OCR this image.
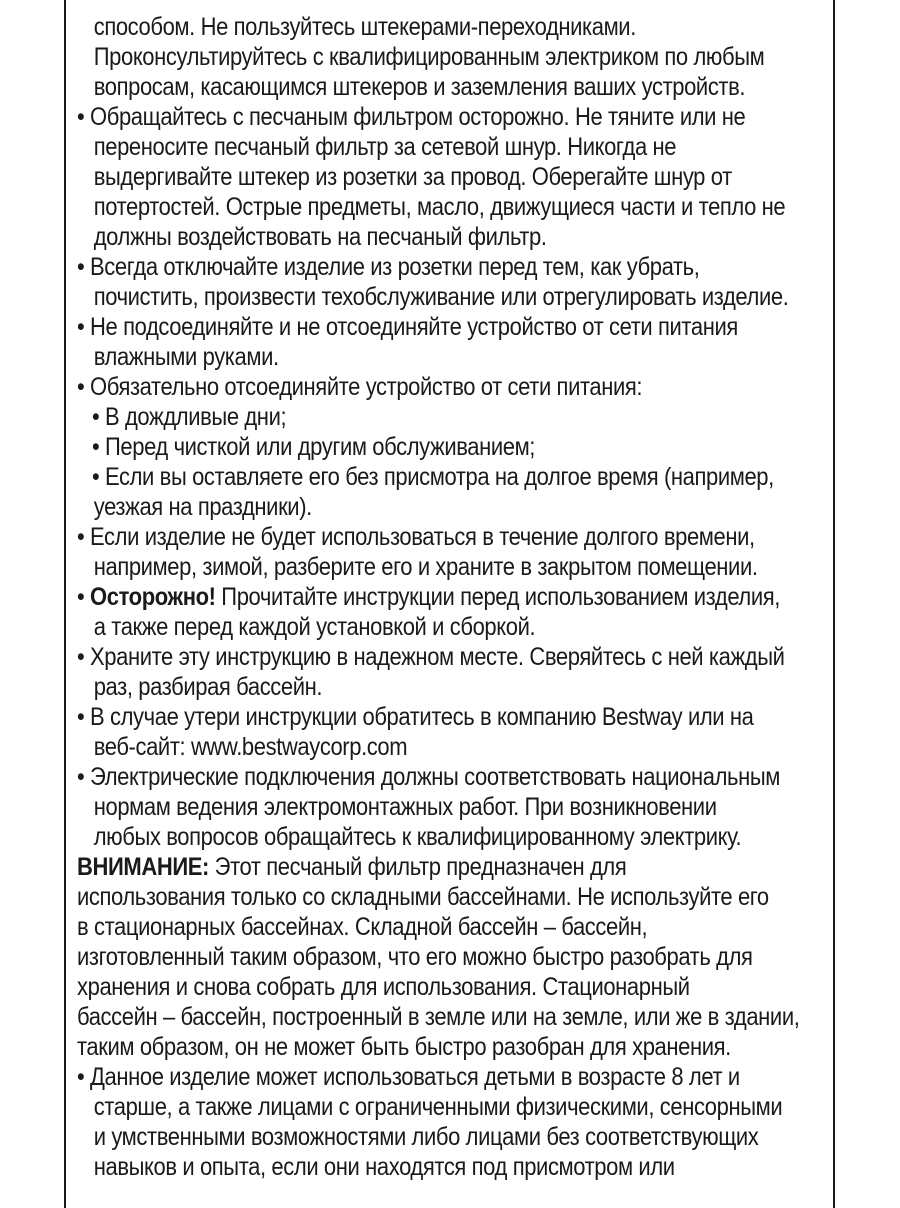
способом. Не пользуйтесь штекерами-переходниками.
Проконсультируйтесь с квалифицированным электриком по любым
вопросам, касающимся штекеров и заземления ваших устройств.
• Обращайтесь с песчаным фильтром осторожно. Не тяните или не
переносите песчаный фильтр за сетевой шнур. Никогда не
выдергивайте штекер из розетки за провод. Оберегайте шнур от
потертостей. Острые предметы, масло, движущиеся части и тепло не
должны воздействовать на песчаный фильтр.
• Всегда отключайте изделие из розетки перед тем, как убрать,
почистить, произвести техобслуживание или отрегулировать изделие.
• Не подсоединяйте и не отсоединяйте устройство от сети питания
влажными руками.
• Обязательно отсоединяйте устройство от сети питания:
• В дождливые дни;
• Перед чисткой или другим обслуживанием;
• Если вы оставляете его без присмотра на долгое время (например,
уезжая на праздники).
• Если изделие не будет использоваться в течение долгого времени,
например, зимой, разберите его и храните в закрытом помещении.
• Осторожно! Прочитайте инструкции перед использованием изделия,
а также перед каждой установкой и сборкой.
• Храните эту инструкцию в надежном месте. Сверяйтесь с ней каждый
раз, разбирая бассейн.
• В случае утери инструкции обратитесь в компанию Bestway или на
веб-сайт: www.bestwaycorp.com
• Электрические подключения должны соответствовать национальным
нормам ведения электромонтажных работ. При возникновении
любых вопросов обращайтесь к квалифицированному электрику.
ВНИМАНИЕ: Этот песчаный фильтр предназначен для
использования только со складными бассейнами. Не используйте его
в стационарных бассейнах. Складной бассейн – бассейн,
изготовленный таким образом, что его можно быстро разобрать для
хранения и снова собрать для использования. Стационарный
бассейн – бассейн, построенный в земле или на земле, или же в здании,
таким образом, он не может быть быстро разобран для хранения.
• Данное изделие может использоваться детьми в возрасте 8 лет и
старше, а также лицами с ограниченными физическими, сенсорными
и умственными возможностями либо лицами без соответствующих
навыков и опыта, если они находятся под присмотром или
